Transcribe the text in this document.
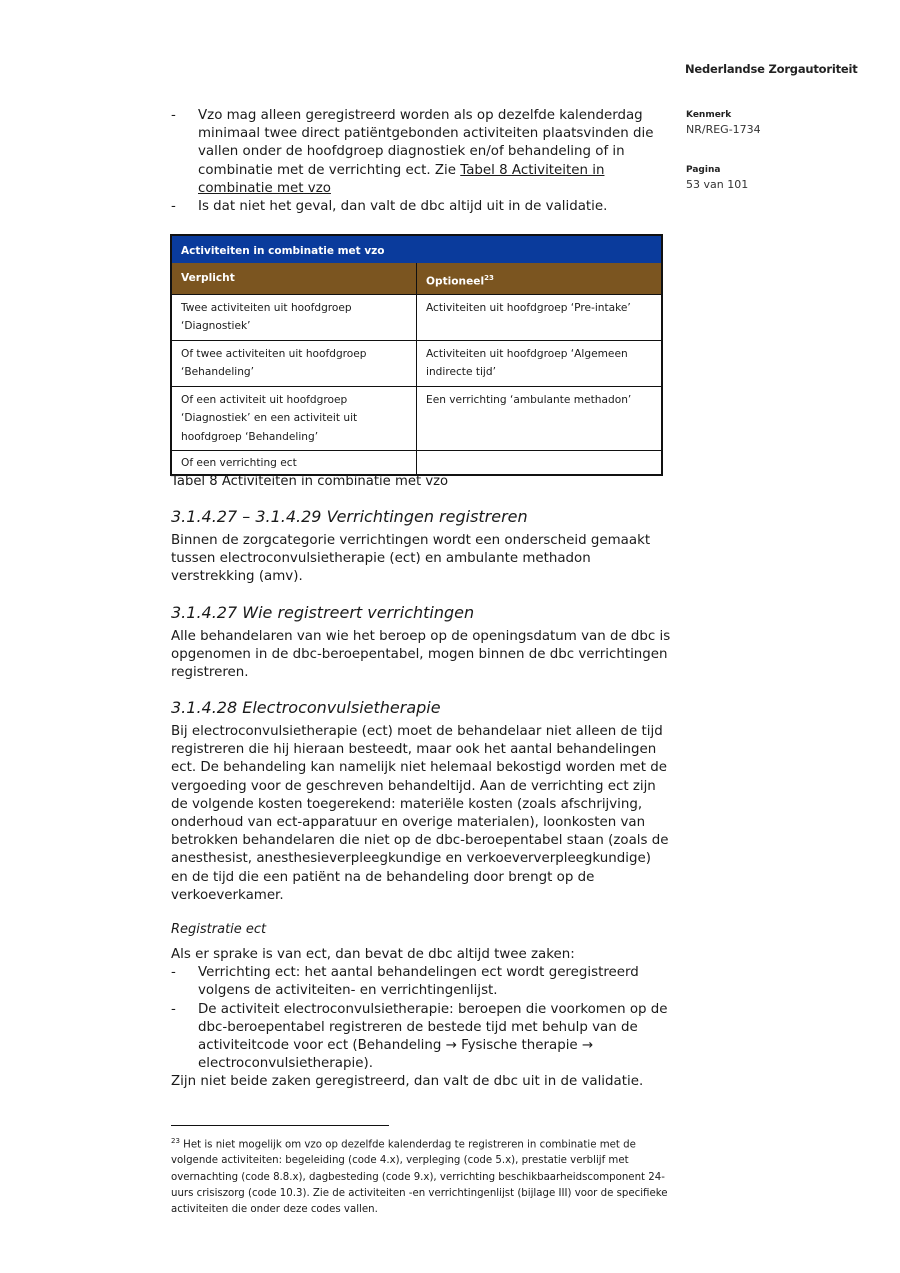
Nederlandse Zorgautoriteit
Kenmerk
NR/REG-1734
Pagina
53 van 101
- Vzo mag alleen geregistreerd worden als op dezelfde kalenderdag minimaal twee direct patiëntgebonden activiteiten plaatsvinden die vallen onder de hoofdgroep diagnostiek en/of behandeling of in combinatie met de verrichting ect. Zie Tabel 8 Activiteiten in combinatie met vzo
- Is dat niet het geval, dan valt de dbc altijd uit in de validatie.
Activiteiten in combinatie met vzo	
Verplicht	Optioneel$^{23}$
Twee activiteiten uit hoofdgroep ‘Diagnostiek’	Activiteiten uit hoofdgroep ‘Pre-intake’
Of twee activiteiten uit hoofdgroep ‘Behandeling’	Activiteiten uit hoofdgroep ‘Algemeen indirecte tijd’
Of een activiteit uit hoofdgroep ‘Diagnostiek’ en een activiteit uit hoofdgroep ‘Behandeling’	Een verrichting ‘ambulante methadon’
Of een verrichting ect	
Tabel 8 Activiteiten in combinatie met vzo
3.1.4.27 – 3.1.4.29 Verrichtingen registreren
Binnen de zorgcategorie verrichtingen wordt een onderscheid gemaakt tussen electroconvulsietherapie (ect) en ambulante methadon verstrekking (amv).
3.1.4.27 Wie registreert verrichtingen
Alle behandelaren van wie het beroep op de openingsdatum van de dbc is opgenomen in de dbc-beroepentabel, mogen binnen de dbc verrichtingen registreren.
3.1.4.28 Electroconvulsietherapie
Bij electroconvulsietherapie (ect) moet de behandelaar niet alleen de tijd registreren die hij hieraan besteedt, maar ook het aantal behandelingen ect. De behandeling kan namelijk niet helemaal bekostigd worden met de vergoeding voor de geschreven behandeltijd. Aan de verrichting ect zijn de volgende kosten toegerekend: materiële kosten (zoals afschrijving, onderhoud van ect-apparatuur en overige materialen), loonkosten van betrokken behandelaren die niet op de dbc-beroepentabel staan (zoals de anesthesist, anesthesieverpleegkundige en verkoeververpleegkundige) en de tijd die een patiënt na de behandeling door brengt op de verkoeverkamer.
Registratie ect
Als er sprake is van ect, dan bevat de dbc altijd twee zaken:
- Verrichting ect: het aantal behandelingen ect wordt geregistreerd volgens de activiteiten- en verrichtingenlijst.
- De activiteit electroconvulsietherapie: beroepen die voorkomen op de dbc-beroepentabel registreren de bestede tijd met behulp van de activiteitcode voor ect (Behandeling → Fysische therapie → electroconvulsietherapie).
Zijn niet beide zaken geregistreerd, dan valt de dbc uit in de validatie.
$^{23}$ Het is niet mogelijk om vzo op dezelfde kalenderdag te registreren in combinatie met de volgende activiteiten: begeleiding (code 4.x), verpleging (code 5.x), prestatie verblijf met overnachting (code 8.8.x), dagbesteding (code 9.x), verrichting beschikbaarheidscomponent 24-uurs crisiszorg (code 10.3). Zie de activiteiten -en verrichtingenlijst (bijlage III) voor de specifieke activiteiten die onder deze codes vallen.
